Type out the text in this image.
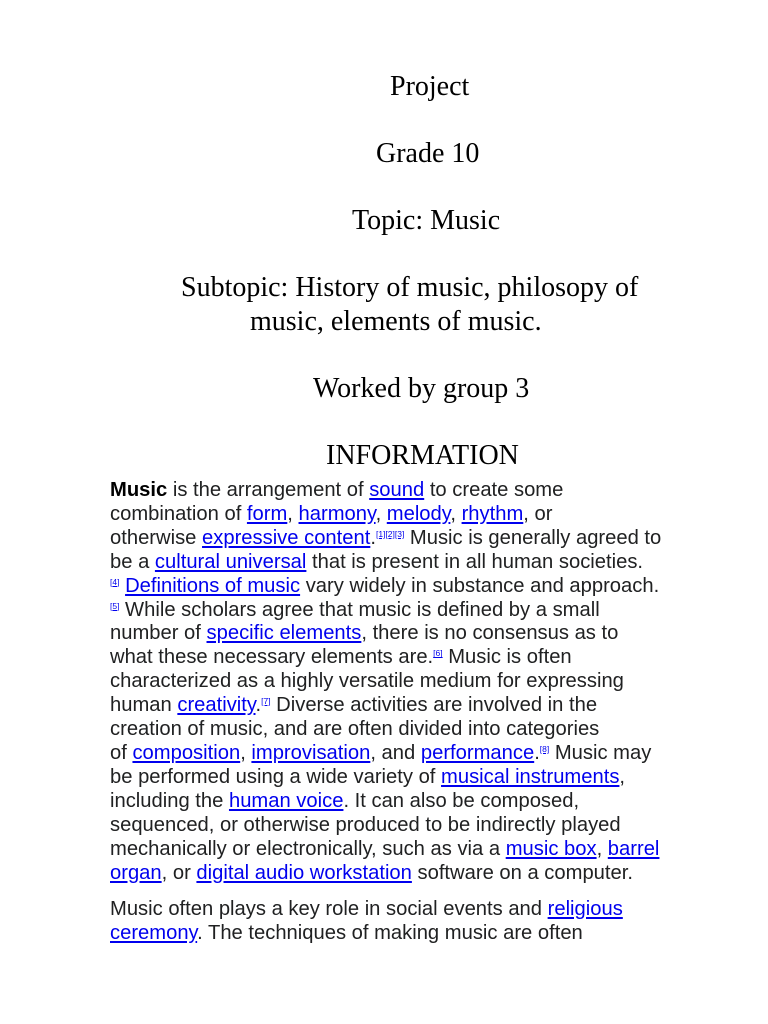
Project
Grade 10
Topic: Music
Subtopic: History of music, philosopy of
music, elements of music.
Worked by group 3
INFORMATION
Music is the arrangement of sound to create some
combination of form, harmony, melody, rhythm, or
otherwise expressive content.[1][2][3] Music is generally agreed to
be a cultural universal that is present in all human societies.
[4] Definitions of music vary widely in substance and approach.
[5] While scholars agree that music is defined by a small
number of specific elements, there is no consensus as to
what these necessary elements are.[6] Music is often
characterized as a highly versatile medium for expressing
human creativity.[7] Diverse activities are involved in the
creation of music, and are often divided into categories
of composition, improvisation, and performance.[8] Music may
be performed using a wide variety of musical instruments,
including the human voice. It can also be composed,
sequenced, or otherwise produced to be indirectly played
mechanically or electronically, such as via a music box, barrel
organ, or digital audio workstation software on a computer.
Music often plays a key role in social events and religious
ceremony. The techniques of making music are often
